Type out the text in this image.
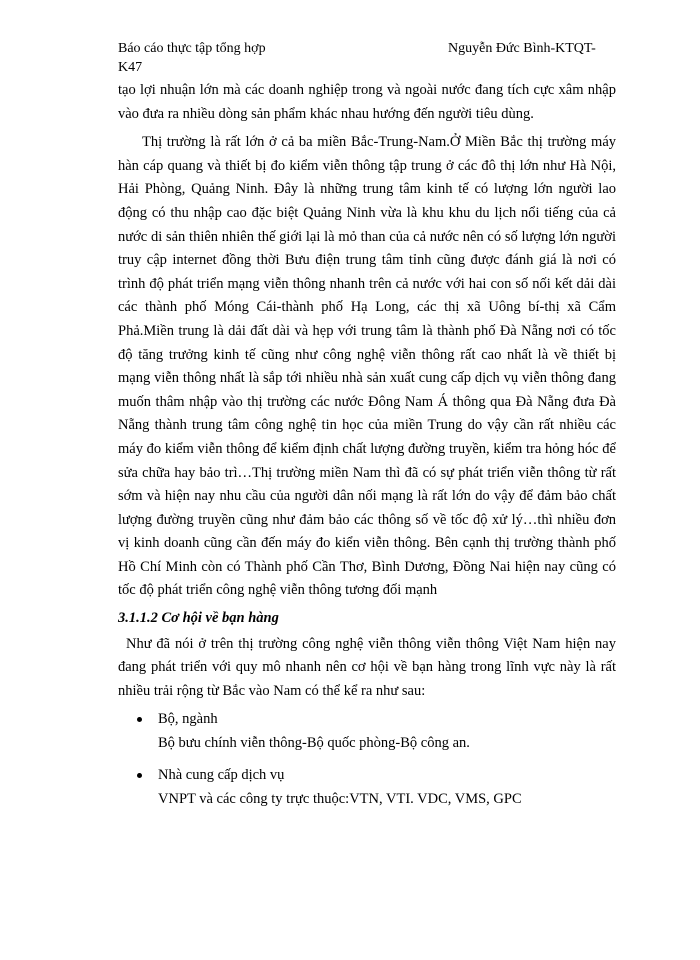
Báo cáo thực tập tổng hợp	Nguyễn Đức Bình-KTQT-
K47

tạo lợi nhuận lớn mà các doanh nghiệp trong và ngoài nước đang tích cực xâm nhập vào đưa ra nhiều dòng sản phẩm khác nhau hướng đến người tiêu dùng.

Thị trường là rất lớn ở cả ba miền Bắc-Trung-Nam.Ở Miền Bắc thị trường máy hàn cáp quang và thiết bị đo kiểm viễn thông tập trung ở các đô thị lớn như Hà Nội, Hải Phòng, Quảng Ninh. Đây là những trung tâm kinh tế có lượng lớn người lao động có thu nhập cao đặc biệt Quảng Ninh vừa là khu khu du lịch nổi tiếng của cả nước di sản thiên nhiên thế giới lại là mỏ than của cả nước nên có số lượng lớn người truy cập internet đồng thời Bưu điện trung tâm tỉnh cũng được đánh giá là nơi có trình độ phát triển mạng viễn thông nhanh trên cả nước với hai con số nối kết dải dài các thành phố Móng Cái-thành phố Hạ Long, các thị xã Uông bí-thị xã Cẩm Phả.Miền trung là dải đất dài và hẹp với trung tâm là thành phố Đà Nẵng nơi có tốc độ tăng trưởng kinh tế cũng như công nghệ viễn thông rất cao nhất là về thiết bị mạng viễn thông nhất là sắp tới nhiều nhà sản xuất cung cấp dịch vụ viễn thông đang muốn thâm nhập vào thị trường các nước Đông Nam Á thông qua Đà Nẵng đưa Đà Nẵng thành trung tâm công nghệ tin học của miền Trung do vậy cần rất nhiều các máy đo kiểm viễn thông để kiểm định chất lượng đường truyền, kiểm tra hỏng hóc để sửa chữa hay bảo trì…Thị trường miền Nam thì đã có sự phát triển viễn thông từ rất sớm và hiện nay nhu cầu của người dân nối mạng là rất lớn do vậy để đảm bảo chất lượng đường truyền cũng như đảm bảo các thông số về tốc độ xử lý…thì nhiều đơn vị kinh doanh cũng cần đến máy đo kiển viễn thông. Bên cạnh thị trường thành phố Hồ Chí Minh còn có Thành phố Cần Thơ, Bình Dương, Đồng Nai hiện nay cũng có tốc độ phát triển công nghệ viễn thông tương đối mạnh

3.1.1.2 Cơ hội về bạn hàng

Như đã nói ở trên thị trường công nghệ viễn thông viễn thông Việt Nam hiện nay đang phát triển với quy mô nhanh nên cơ hội về bạn hàng trong lĩnh vực này là rất nhiều trải rộng từ Bắc vào Nam có thể kể ra như sau:

Bộ, ngành
Bộ bưu chính viễn thông-Bộ quốc phòng-Bộ công an.
Nhà cung cấp dịch vụ
VNPT và các công ty trực thuộc:VTN, VTI. VDC, VMS, GPC
